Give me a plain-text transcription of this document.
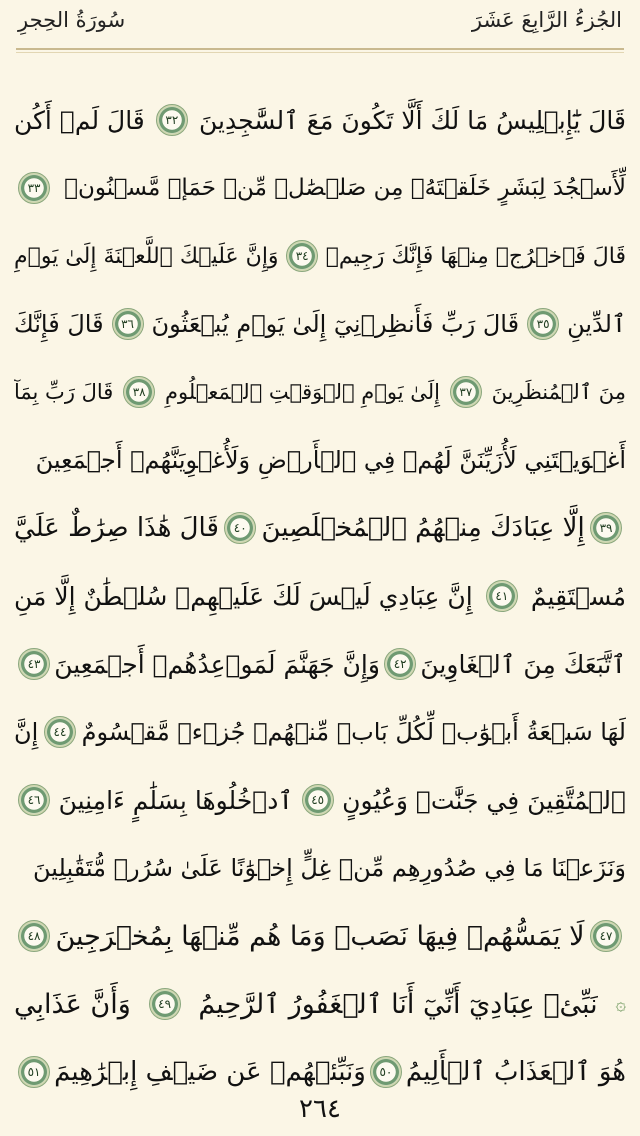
سُورَةُ الحِجرِ	الجُزءُ الرَّابِعَ عَشَرَ
قَالَ يَٰٓإِبۡلِيسُ مَا لَكَ أَلَّا تَكُونَ مَعَ ٱلسَّٰجِدِينَ
٣٢
قَالَ لَمۡ أَكُن
لِّأَسۡجُدَ لِبَشَرٍ خَلَقۡتَهُۥ مِن صَلۡصَٰلٖ مِّنۡ حَمَإٖ مَّسۡنُونٖ
٣٣
قَالَ فَٱخۡرُجۡ مِنۡهَا فَإِنَّكَ رَجِيمٞ
٣٤
وَإِنَّ عَلَيۡكَ ٱللَّعۡنَةَ إِلَىٰ يَوۡمِ
ٱلدِّينِ
٣٥
قَالَ رَبِّ فَأَنظِرۡنِيٓ إِلَىٰ يَوۡمِ يُبۡعَثُونَ
٣٦
قَالَ فَإِنَّكَ
مِنَ ٱلۡمُنظَرِينَ
٣٧
إِلَىٰ يَوۡمِ ٱلۡوَقۡتِ ٱلۡمَعۡلُومِ
٣٨
قَالَ رَبِّ بِمَآ
أَغۡوَيۡتَنِي لَأُزَيِّنَنَّ لَهُمۡ فِي ٱلۡأَرۡضِ وَلَأُغۡوِيَنَّهُمۡ أَجۡمَعِينَ
٣٩
إِلَّا عِبَادَكَ مِنۡهُمُ ٱلۡمُخۡلَصِينَ
٤٠
قَالَ هَٰذَا صِرَٰطٌ عَلَيَّ
مُسۡتَقِيمٌ
٤١
إِنَّ عِبَادِي لَيۡسَ لَكَ عَلَيۡهِمۡ سُلۡطَٰنٌ إِلَّا مَنِ
ٱتَّبَعَكَ مِنَ ٱلۡغَاوِينَ
٤٢
وَإِنَّ جَهَنَّمَ لَمَوۡعِدُهُمۡ أَجۡمَعِينَ
٤٣
لَهَا سَبۡعَةُ أَبۡوَٰبٖ لِّكُلِّ بَابٖ مِّنۡهُمۡ جُزۡءٞ مَّقۡسُومٌ
٤٤
إِنَّ
ٱلۡمُتَّقِينَ فِي جَنَّٰتٖ وَعُيُونٍ
٤٥
ٱدۡخُلُوهَا بِسَلَٰمٍ ءَامِنِينَ
٤٦
وَنَزَعۡنَا مَا فِي صُدُورِهِم مِّنۡ غِلٍّ إِخۡوَٰنًا عَلَىٰ سُرُرٖ مُّتَقَٰبِلِينَ
٤٧
لَا يَمَسُّهُمۡ فِيهَا نَصَبٞ وَمَا هُم مِّنۡهَا بِمُخۡرَجِينَ
٤٨
۞
نَبِّئۡ عِبَادِيٓ أَنِّيٓ أَنَا ٱلۡغَفُورُ ٱلرَّحِيمُ
٤٩
وَأَنَّ عَذَابِي
هُوَ ٱلۡعَذَابُ ٱلۡأَلِيمُ
٥٠
وَنَبِّئۡهُمۡ عَن ضَيۡفِ إِبۡرَٰهِيمَ
٥١
٢٦٤
